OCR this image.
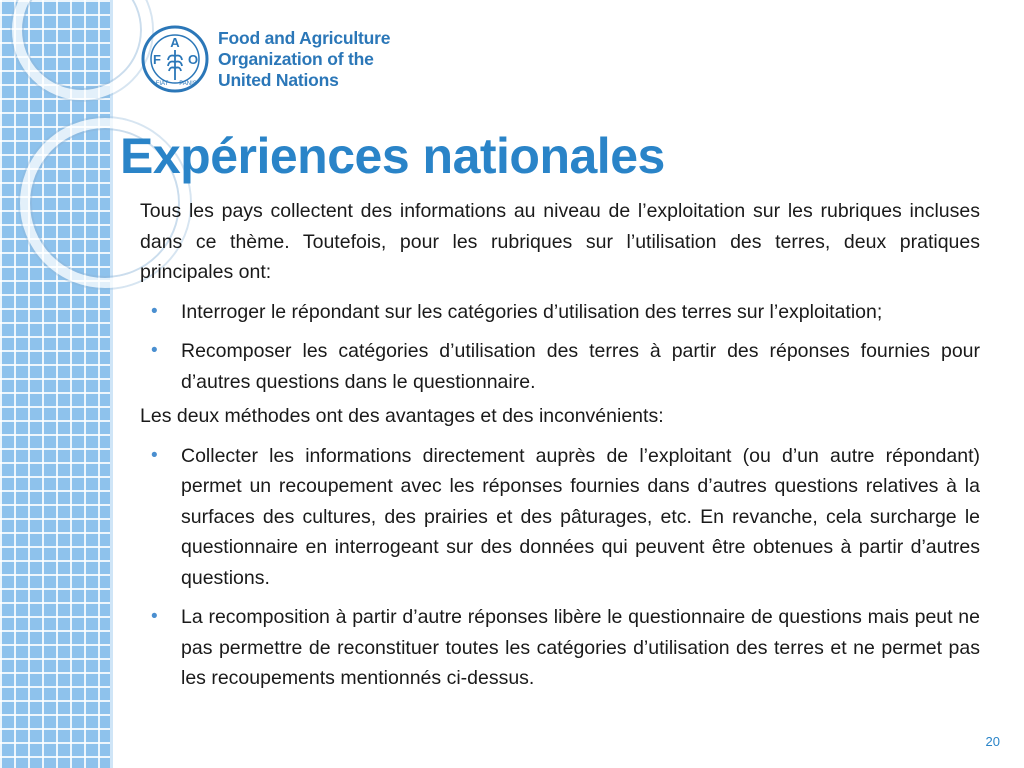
A
F O
FIAT PANIS
Food and Agriculture
Organization of the
United Nations
Expériences nationales

Tous les pays collectent des informations au niveau de l’exploitation sur les rubriques incluses dans ce thème. Toutefois, pour les rubriques sur l’utilisation des terres, deux pratiques principales ont:

• Interroger le répondant sur les catégories d’utilisation des terres sur l’exploitation;
• Recomposer les catégories d’utilisation des terres à partir des réponses fournies pour d’autres questions dans le questionnaire.

Les deux méthodes ont des avantages et des inconvénients:

• Collecter les informations directement auprès de l’exploitant (ou d’un autre répondant) permet un recoupement avec les réponses fournies dans d’autres questions relatives à la surfaces des cultures, des prairies et des pâturages, etc. En revanche, cela surcharge le questionnaire en interrogeant sur des données qui peuvent être obtenues à partir d’autres questions.
• La recomposition à partir d’autre réponses libère le questionnaire de questions mais peut ne pas permettre de reconstituer toutes les catégories d’utilisation des terres et ne permet pas les recoupements mentionnés ci-dessus.
20
